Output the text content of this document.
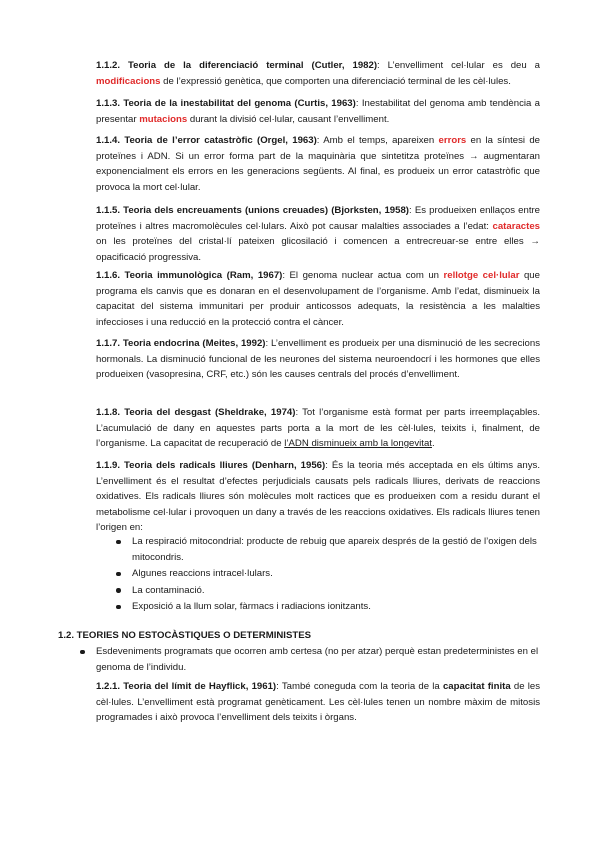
1.1.2. Teoria de la diferenciació terminal (Cutler, 1982): L’envelliment cel·lular es deu a modificacions de l’expressió genètica, que comporten una diferenciació terminal de les cèl·lules.

1.1.3. Teoria de la inestabilitat del genoma (Curtis, 1963): Inestabilitat del genoma amb tendència a presentar mutacions durant la divisió cel·lular, causant l’envelliment.

1.1.4. Teoria de l’error catastròfic (Orgel, 1963): Amb el temps, apareixen errors en la síntesi de proteïnes i ADN. Si un error forma part de la maquinària que sintetitza proteïnes → augmentaran exponencialment els errors en les generacions següents. Al final, es produeix un error catastròfic que provoca la mort cel·lular.

1.1.5. Teoria dels encreuaments (unions creuades) (Bjorksten, 1958): Es produeixen enllaços entre proteïnes i altres macromolècules cel·lulars. Això pot causar malalties associades a l’edat: cataractes on les proteïnes del cristal·lí pateixen glicosilació i comencen a entrecreuar-se entre elles → opacificació progressiva.

1.1.6. Teoria immunològica (Ram, 1967): El genoma nuclear actua com un rellotge cel·lular que programa els canvis que es donaran en el desenvolupament de l’organisme. Amb l’edat, disminueix la capacitat del sistema immunitari per produir anticossos adequats, la resistència a les malalties infeccioses i una reducció en la protecció contra el càncer.

1.1.7. Teoria endocrina (Meites, 1992): L’envelliment es produeix per una disminució de les secrecions hormonals. La disminució funcional de les neurones del sistema neuroendocrí i les hormones que elles produeixen (vasopresina, CRF, etc.) són les causes centrals del procés d’envelliment.

1.1.8. Teoria del desgast (Sheldrake, 1974): Tot l’organisme està format per parts irreemplaçables. L’acumulació de dany en aquestes parts porta a la mort de les cèl·lules, teixits i, finalment, de l’organisme. La capacitat de recuperació de l’ADN disminueix amb la longevitat.

1.1.9. Teoria dels radicals lliures (Denharn, 1956): És la teoria més acceptada en els últims anys. L’envelliment és el resultat d’efectes perjudicials causats pels radicals lliures, derivats de reaccions oxidatives. Els radicals lliures són molècules molt ractices que es produeixen com a residu durant el metabolisme cel·lular i provoquen un dany a través de les reaccions oxidatives. Els radicals lliures tenen l’origen en:

La respiració mitocondrial: producte de rebuig que apareix després de la gestió de l’oxigen dels mitocondris.
Algunes reaccions intracel·lulars.
La contaminació.
Exposició a la llum solar, fàrmacs i radiacions ionitzants.

1.2. TEORIES NO ESTOCÀSTIQUES O DETERMINISTES

Esdeveniments programats que ocorren amb certesa (no per atzar) perquè estan predeterministes en el genoma de l’individu.

1.2.1. Teoria del límit de Hayflick, 1961): També coneguda com la teoria de la capacitat finita de les cèl·lules. L’envelliment està programat genèticament. Les cèl·lules tenen un nombre màxim de mitosis programades i això provoca l’envelliment dels teixits i òrgans.
